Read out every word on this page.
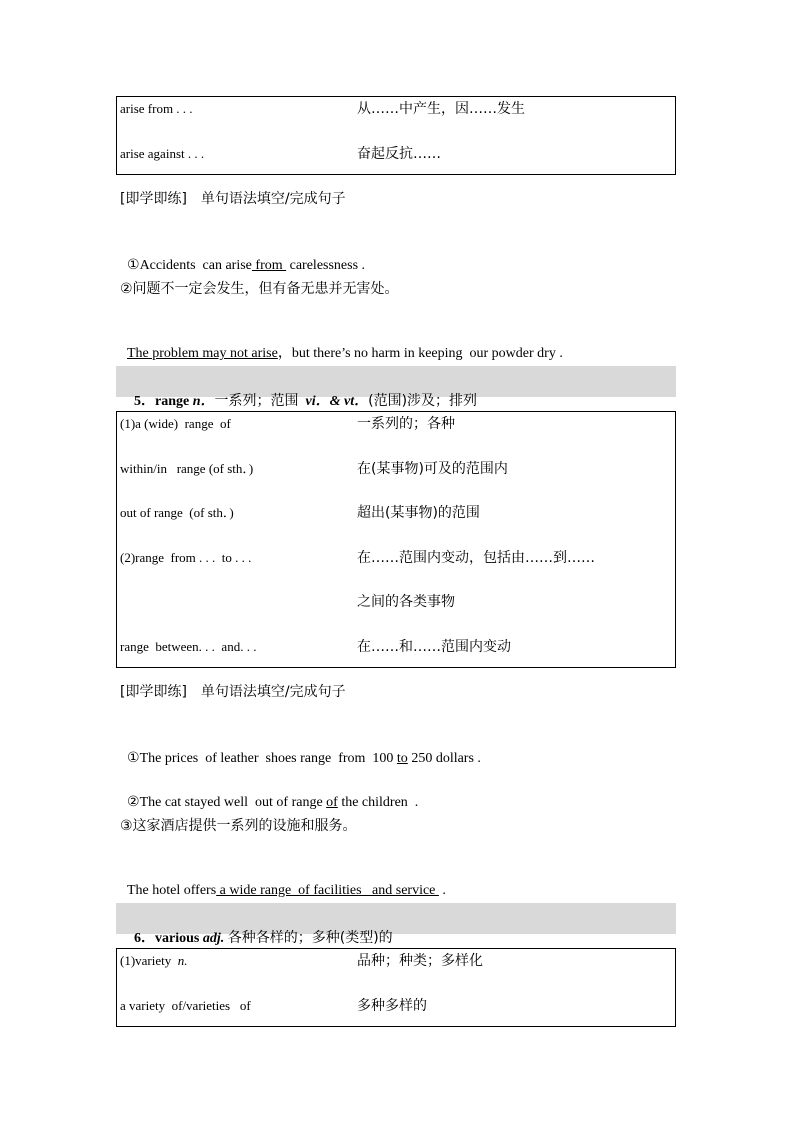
arise from . . .	从……中产生，因……发生
arise against . . .	奋起反抗……
[即学即练]　单句语法填空/完成句子

①Accidents  can arise from  carelessness .

②问题不一定会发生，但有备无患并无害处。

The problem may not arise，but there’s no harm in keeping  our powder dry .

5．range n．一系列；范围 vi．& vt．(范围)涉及；排列

(1)a (wide)  range  of	一系列的；各种
within/in   range (of sth．)	在(某事物)可及的范围内
out of range  (of sth．)	超出(某事物)的范围
(2)range  from . . .  to . . .	在……范围内变动，包括由……到……
之间的各类事物
range  between. . .  and. . .	在……和……范围内变动
[即学即练]　单句语法填空/完成句子

①The prices  of leather  shoes range  from  100 to 250 dollars .

②The cat stayed well  out of range of the children  .

③这家酒店提供一系列的设施和服务。

The hotel offers a wide range  of facilities   and service  .

6．various adj. 各种各样的；多种(类型)的

(1)variety  n.	品种；种类；多样化
a variety  of/varieties   of	多种多样的
